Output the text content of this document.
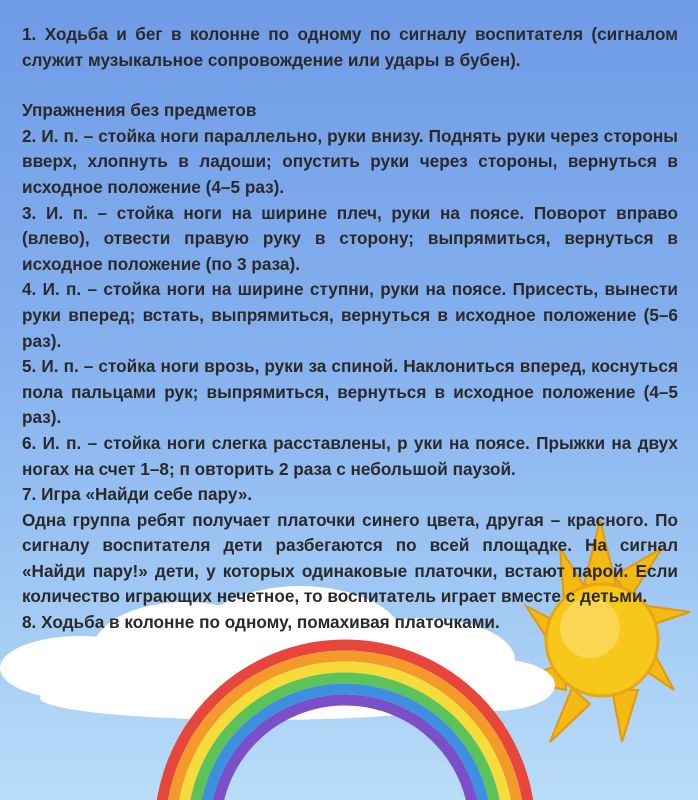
1. Ходьба и бег в колонне по одному по сигналу воспитателя (сигналом служит музыкальное сопровождение или удары в бубен).

Упражнения без предметов

2. И. п. – стойка ноги параллельно, руки внизу. Поднять руки через стороны вверх, хлопнуть в ладоши; опустить руки через стороны, вернуться в исходное положение (4–5 раз).

3. И. п. – стойка ноги на ширине плеч, руки на поясе. Поворот вправо (влево), отвести правую руку в сторону; выпрямиться, вернуться в исходное положение (по 3 раза).

4. И. п. – стойка ноги на ширине ступни, руки на поясе. Присесть, вынести руки вперед; встать, выпрямиться, вернуться в исходное положение (5–6 раз).

5. И. п. – стойка ноги врозь, руки за спиной. Наклониться вперед, коснуться пола пальцами рук; выпрямиться, вернуться в исходное положение (4–5 раз).

6. И. п. – стойка ноги слегка расставлены, р уки на поясе. Прыжки на двух ногах на счет 1–8; п овторить 2 раза с небольшой паузой.

7. Игра «Найди себе пару».

Одна группа ребят получает платочки синего цвета, другая – красного. По сигналу воспитателя дети разбегаются по всей площадке. На сигнал «Найди пару!» дети, у которых одинаковые платочки, встают парой. Если количество играющих нечетное, то воспитатель играет вместе с детьми.

8. Ходьба в колонне по одному, помахивая платочками.
